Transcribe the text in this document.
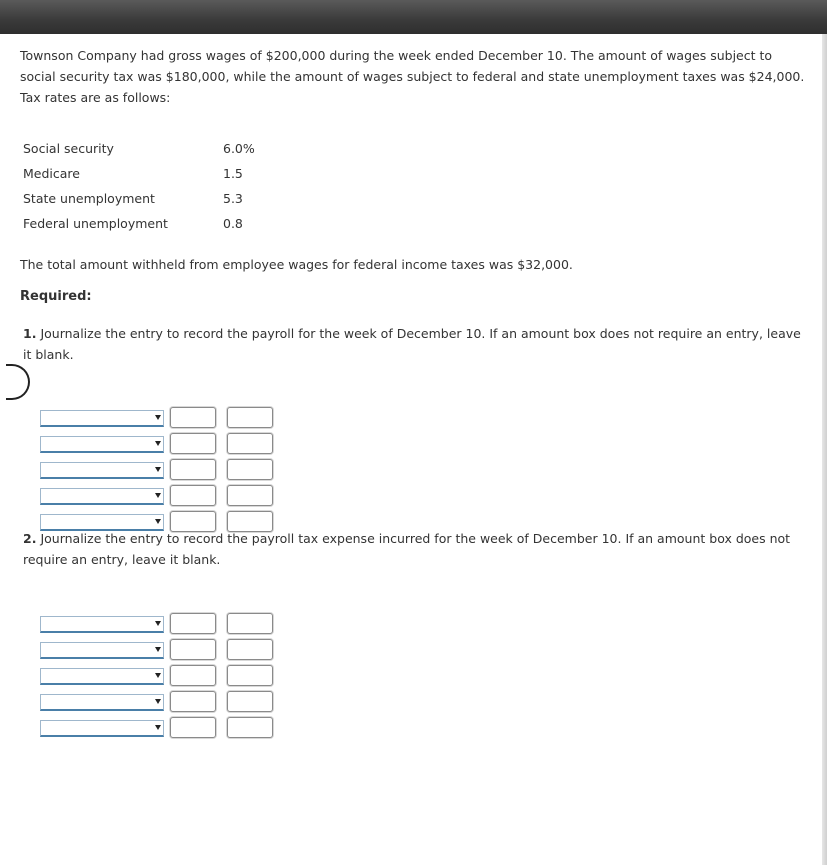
Townson Company had gross wages of $200,000 during the week ended December 10. The amount of wages subject to social security tax was $180,000, while the amount of wages subject to federal and state unemployment taxes was $24,000. Tax rates are as follows:
Social security	6.0%
Medicare	1.5
State unemployment	5.3
Federal unemployment	0.8
The total amount withheld from employee wages for federal income taxes was $32,000.
Required:
1. Journalize the entry to record the payroll for the week of December 10. If an amount box does not require an entry, leave it blank.
2. Journalize the entry to record the payroll tax expense incurred for the week of December 10. If an amount box does not require an entry, leave it blank.
